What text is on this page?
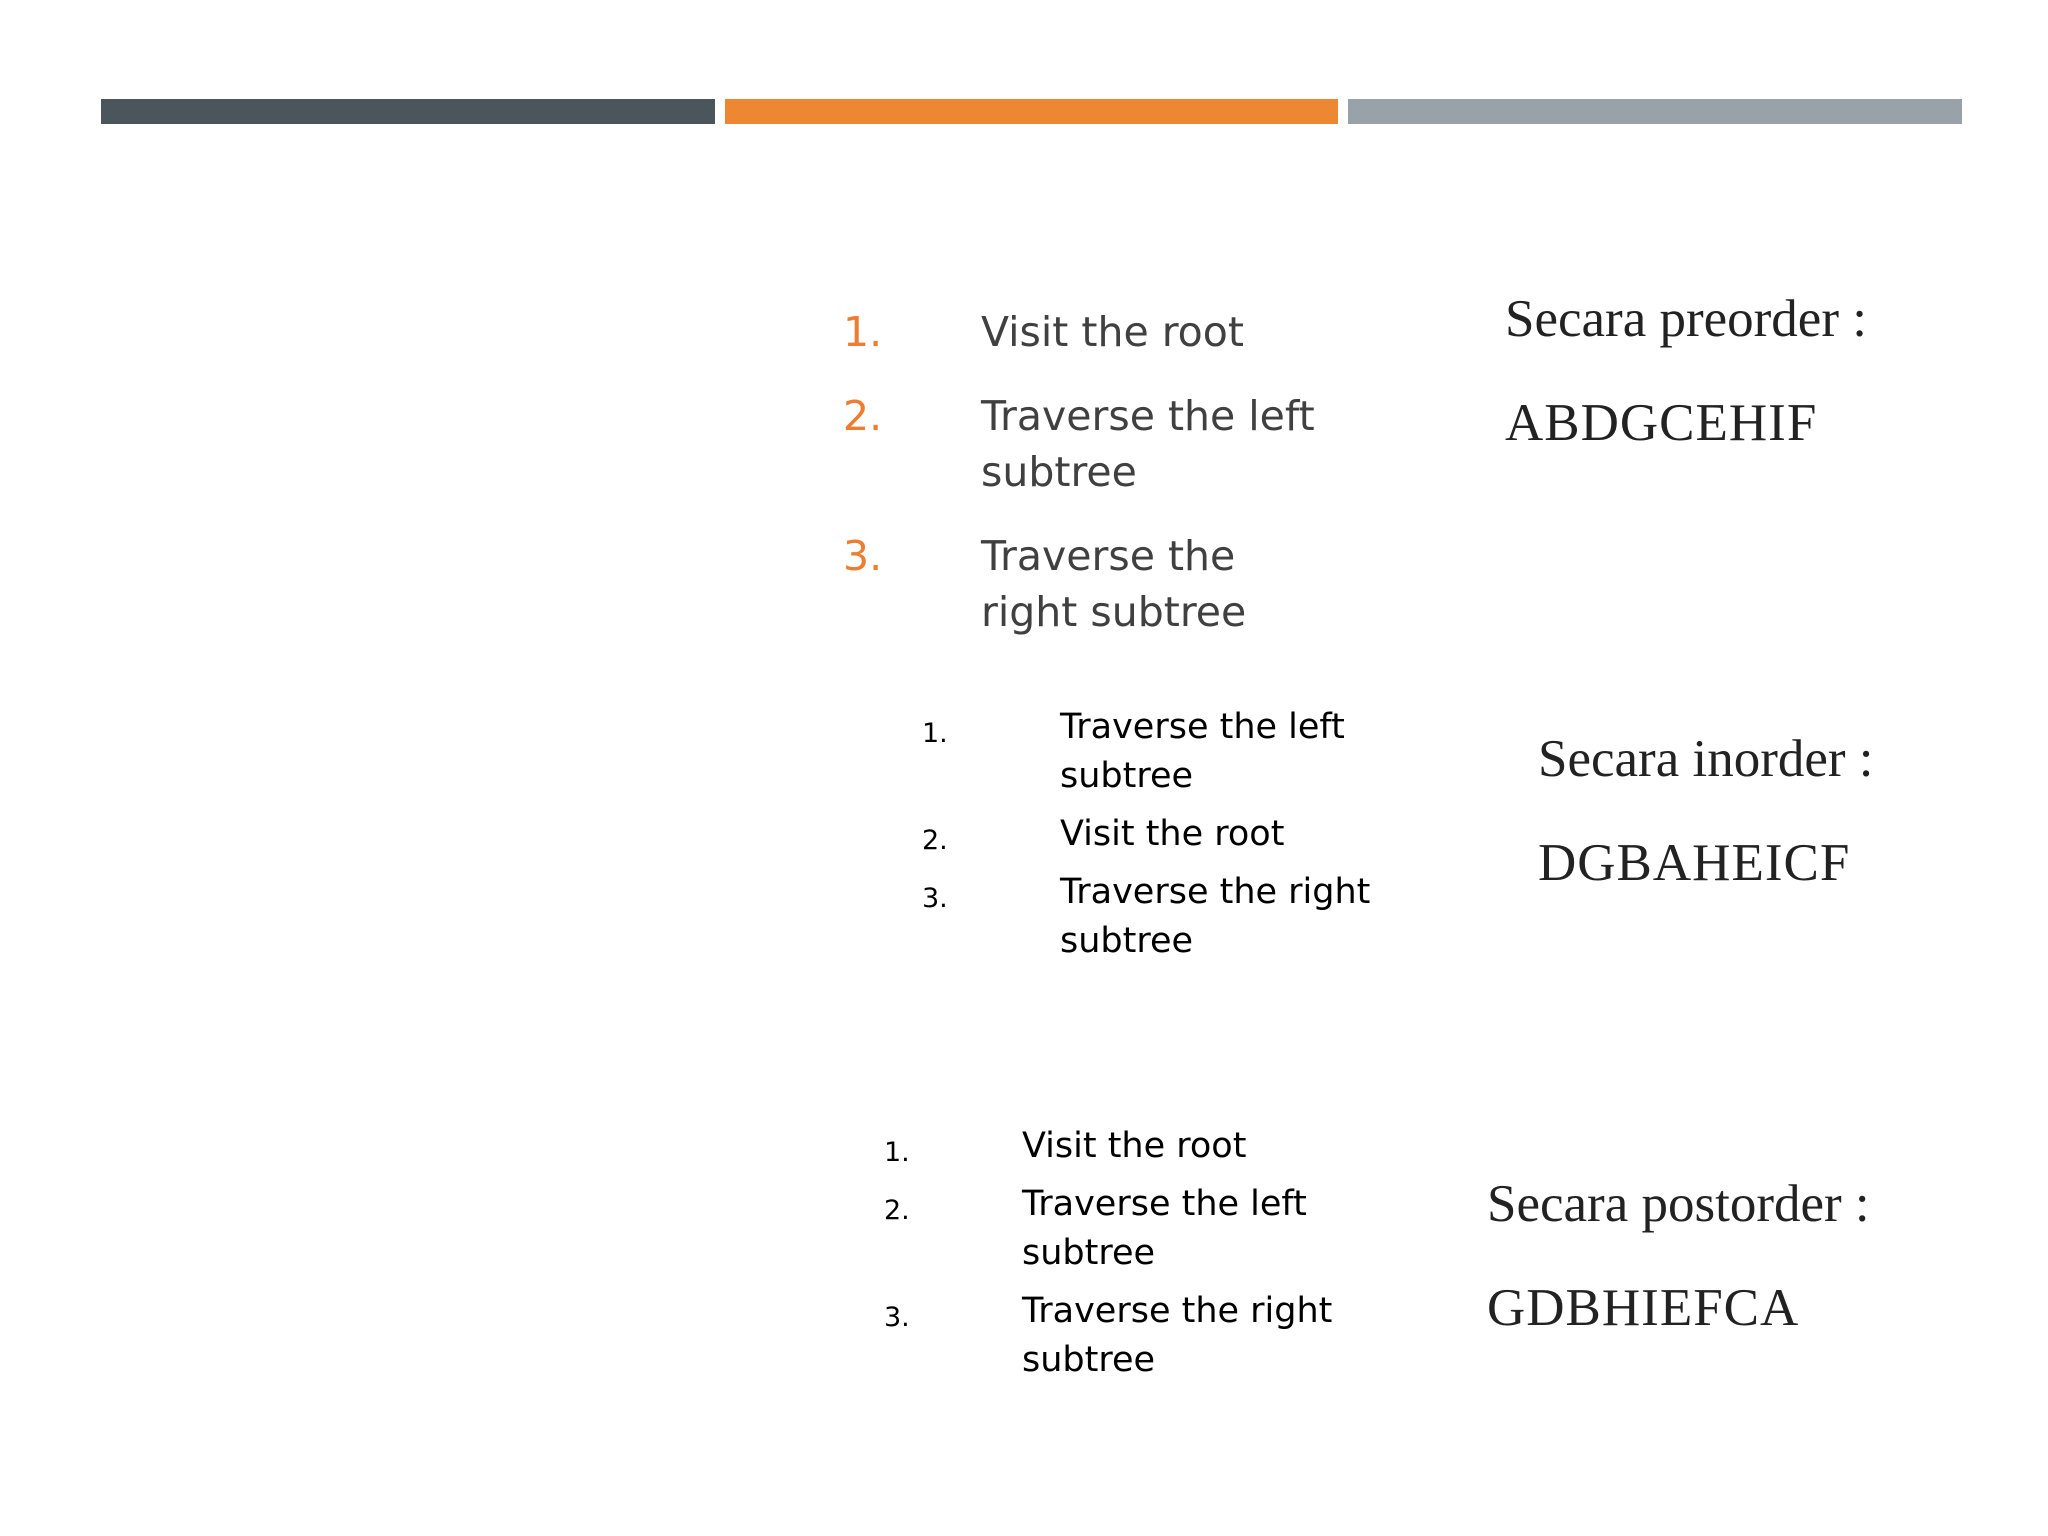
1. Visit the root
2. Traverse the left subtree
3. Traverse the right subtree
Secara preorder :
ABDGCEHIF
1.	Traverse the left subtree
2.	Visit the root
3.	Traverse the right subtree
Secara inorder :
DGBAHEICF
1.	Visit the root
2.	Traverse the left subtree
3.	Traverse the right subtree
Secara postorder :
GDBHIEFCA
